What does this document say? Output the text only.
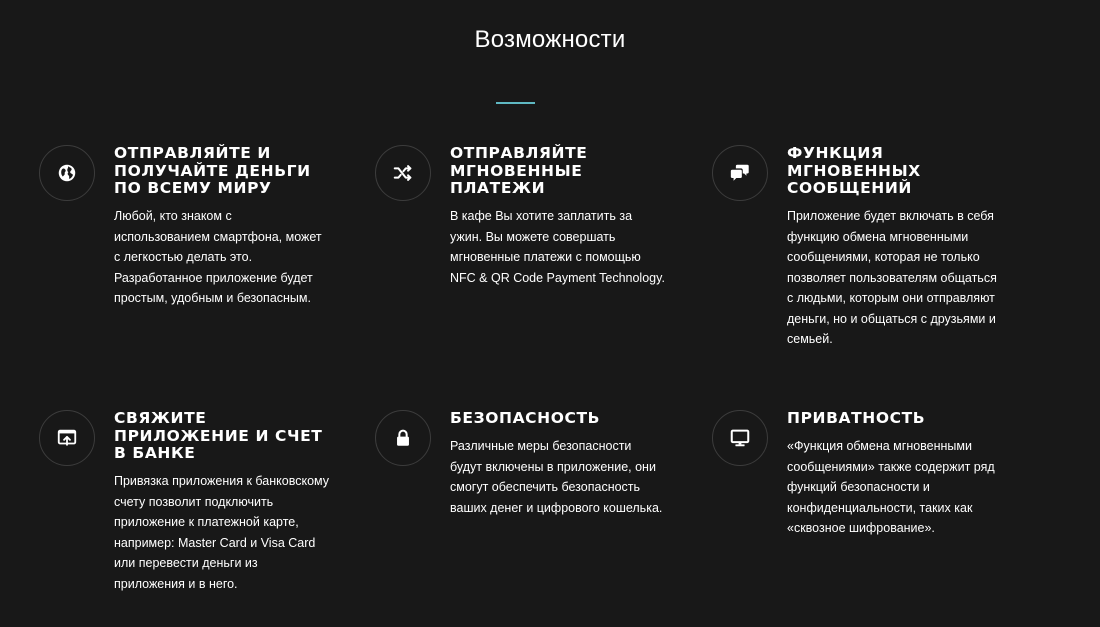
Возможности
ОТПРАВЛЯЙТЕ И ПОЛУЧАЙТЕ ДЕНЬГИ ПО ВСЕМУ МИРУ

Любой, кто знаком с использованием смартфона, может с легкостью делать это. Разработанное приложение будет простым, удобным и безопасным.

ОТПРАВЛЯЙТЕ МГНОВЕННЫЕ ПЛАТЕЖИ

В кафе Вы хотите заплатить за ужин. Вы можете совершать мгновенные платежи с помощью NFC & QR Code Payment Technology.

ФУНКЦИЯ МГНОВЕННЫХ СООБЩЕНИЙ

Приложение будет включать в себя функцию обмена мгновенными сообщениями, которая не только позволяет пользователям общаться с людьми, которым они отправляют деньги, но и общаться с друзьями и семьей.

СВЯЖИТЕ ПРИЛОЖЕНИЕ И СЧЕТ В БАНКЕ

Привязка приложения к банковскому счету позволит подключить приложение к платежной карте, например: Master Card и Visa Card или перевести деньги из приложения и в него.

БЕЗОПАСНОСТЬ

Различные меры безопасности будут включены в приложение, они смогут обеспечить безопасность ваших денег и цифрового кошелька.

ПРИВАТНОСТЬ

«Функция обмена мгновенными сообщениями» также содержит ряд функций безопасности и конфиденциальности, таких как «сквозное шифрование».
